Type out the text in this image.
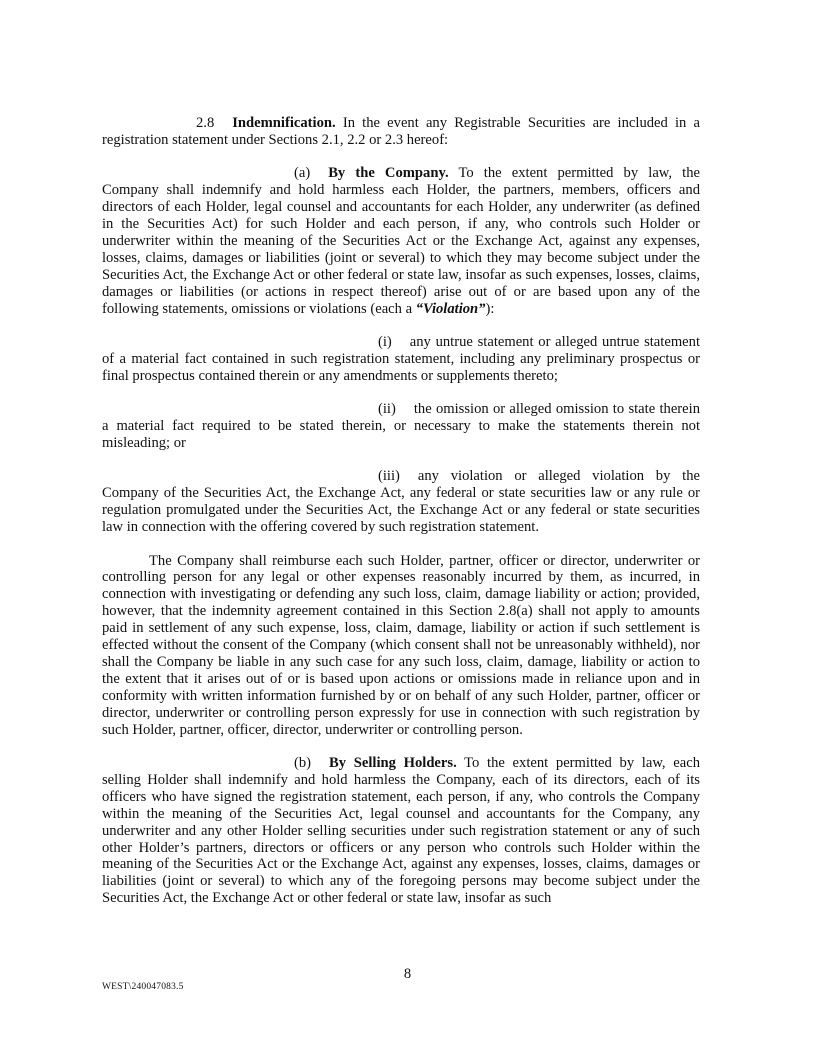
2.8 Indemnification. In the event any Registrable Securities are included in a registration statement under Sections 2.1, 2.2 or 2.3 hereof:

(a) By the Company. To the extent permitted by law, the Company shall indemnify and hold harmless each Holder, the partners, members, officers and directors of each Holder, legal counsel and accountants for each Holder, any underwriter (as defined in the Securities Act) for such Holder and each person, if any, who controls such Holder or underwriter within the meaning of the Securities Act or the Exchange Act, against any expenses, losses, claims, damages or liabilities (joint or several) to which they may become subject under the Securities Act, the Exchange Act or other federal or state law, insofar as such expenses, losses, claims, damages or liabilities (or actions in respect thereof) arise out of or are based upon any of the following statements, omissions or violations (each a “Violation”):

(i) any untrue statement or alleged untrue statement of a material fact contained in such registration statement, including any preliminary prospectus or final prospectus contained therein or any amendments or supplements thereto;

(ii) the omission or alleged omission to state therein a material fact required to be stated therein, or necessary to make the statements therein not misleading; or

(iii) any violation or alleged violation by the Company of the Securities Act, the Exchange Act, any federal or state securities law or any rule or regulation promulgated under the Securities Act, the Exchange Act or any federal or state securities law in connection with the offering covered by such registration statement.

The Company shall reimburse each such Holder, partner, officer or director, underwriter or controlling person for any legal or other expenses reasonably incurred by them, as incurred, in connection with investigating or defending any such loss, claim, damage liability or action; provided, however, that the indemnity agreement contained in this Section 2.8(a) shall not apply to amounts paid in settlement of any such expense, loss, claim, damage, liability or action if such settlement is effected without the consent of the Company (which consent shall not be unreasonably withheld), nor shall the Company be liable in any such case for any such loss, claim, damage, liability or action to the extent that it arises out of or is based upon actions or omissions made in reliance upon and in conformity with written information furnished by or on behalf of any such Holder, partner, officer or director, underwriter or controlling person expressly for use in connection with such registration by such Holder, partner, officer, director, underwriter or controlling person.

(b) By Selling Holders. To the extent permitted by law, each selling Holder shall indemnify and hold harmless the Company, each of its directors, each of its officers who have signed the registration statement, each person, if any, who controls the Company within the meaning of the Securities Act, legal counsel and accountants for the Company, any underwriter and any other Holder selling securities under such registration statement or any of such other Holder’s partners, directors or officers or any person who controls such Holder within the meaning of the Securities Act or the Exchange Act, against any expenses, losses, claims, damages or liabilities (joint or several) to which any of the foregoing persons may become subject under the Securities Act, the Exchange Act or other federal or state law, insofar as such

8
WEST\240047083.5
